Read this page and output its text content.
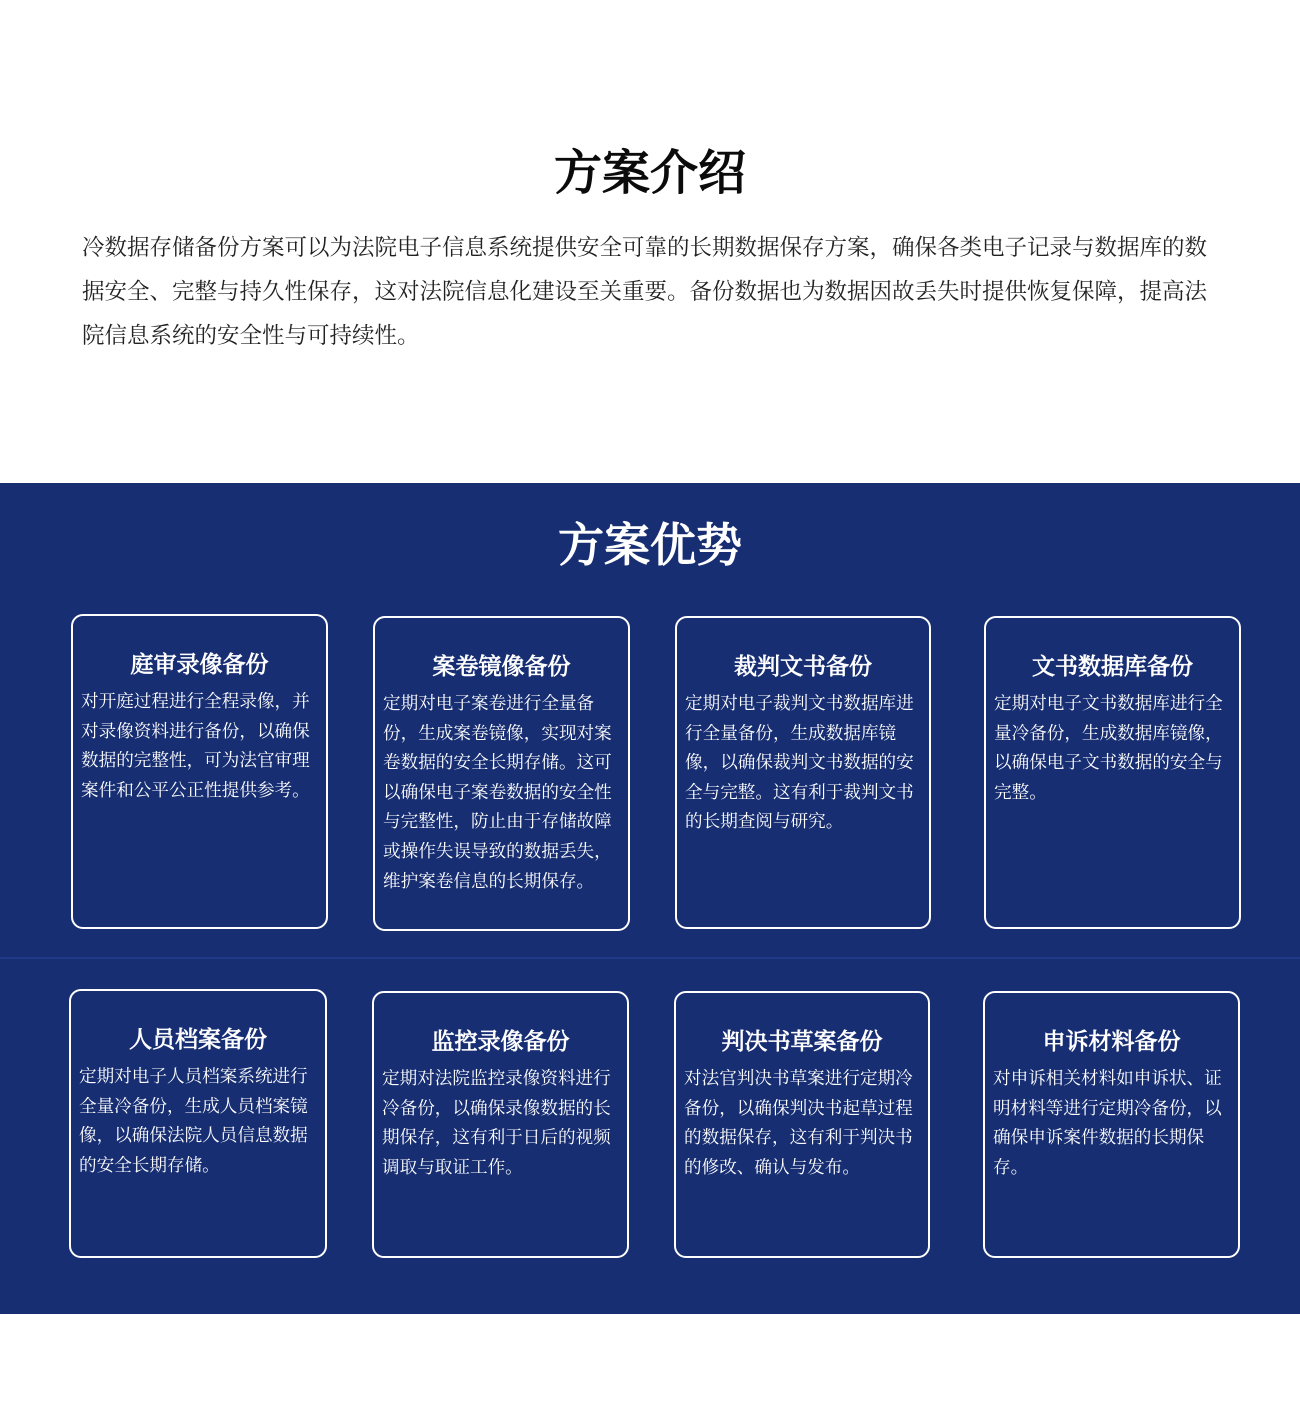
方案介绍

冷数据存储备份方案可以为法院电子信息系统提供安全可靠的长期数据保存方案，确保各类电子记录与数据库的数据安全、完整与持久性保存，这对法院信息化建设至关重要。备份数据也为数据因故丢失时提供恢复保障，提高法院信息系统的安全性与可持续性。

方案优势
庭审录像备份

对开庭过程进行全程录像，并对录像资料进行备份，以确保数据的完整性，可为法官审理案件和公平公正性提供参考。

案卷镜像备份

定期对电子案卷进行全量备份，生成案卷镜像，实现对案卷数据的安全长期存储。这可以确保电子案卷数据的安全性与完整性，防止由于存储故障或操作失误导致的数据丢失，维护案卷信息的长期保存。

裁判文书备份

定期对电子裁判文书数据库进行全量备份，生成数据库镜像，以确保裁判文书数据的安全与完整。这有利于裁判文书的长期查阅与研究。

文书数据库备份

定期对电子文书数据库进行全量冷备份，生成数据库镜像，以确保电子文书数据的安全与完整。

人员档案备份

定期对电子人员档案系统进行全量冷备份，生成人员档案镜像，以确保法院人员信息数据的安全长期存储。

监控录像备份

定期对法院监控录像资料进行冷备份，以确保录像数据的长期保存，这有利于日后的视频调取与取证工作。

判决书草案备份

对法官判决书草案进行定期冷备份，以确保判决书起草过程的数据保存，这有利于判决书的修改、确认与发布。

申诉材料备份

对申诉相关材料如申诉状、证明材料等进行定期冷备份，以确保申诉案件数据的长期保存。
